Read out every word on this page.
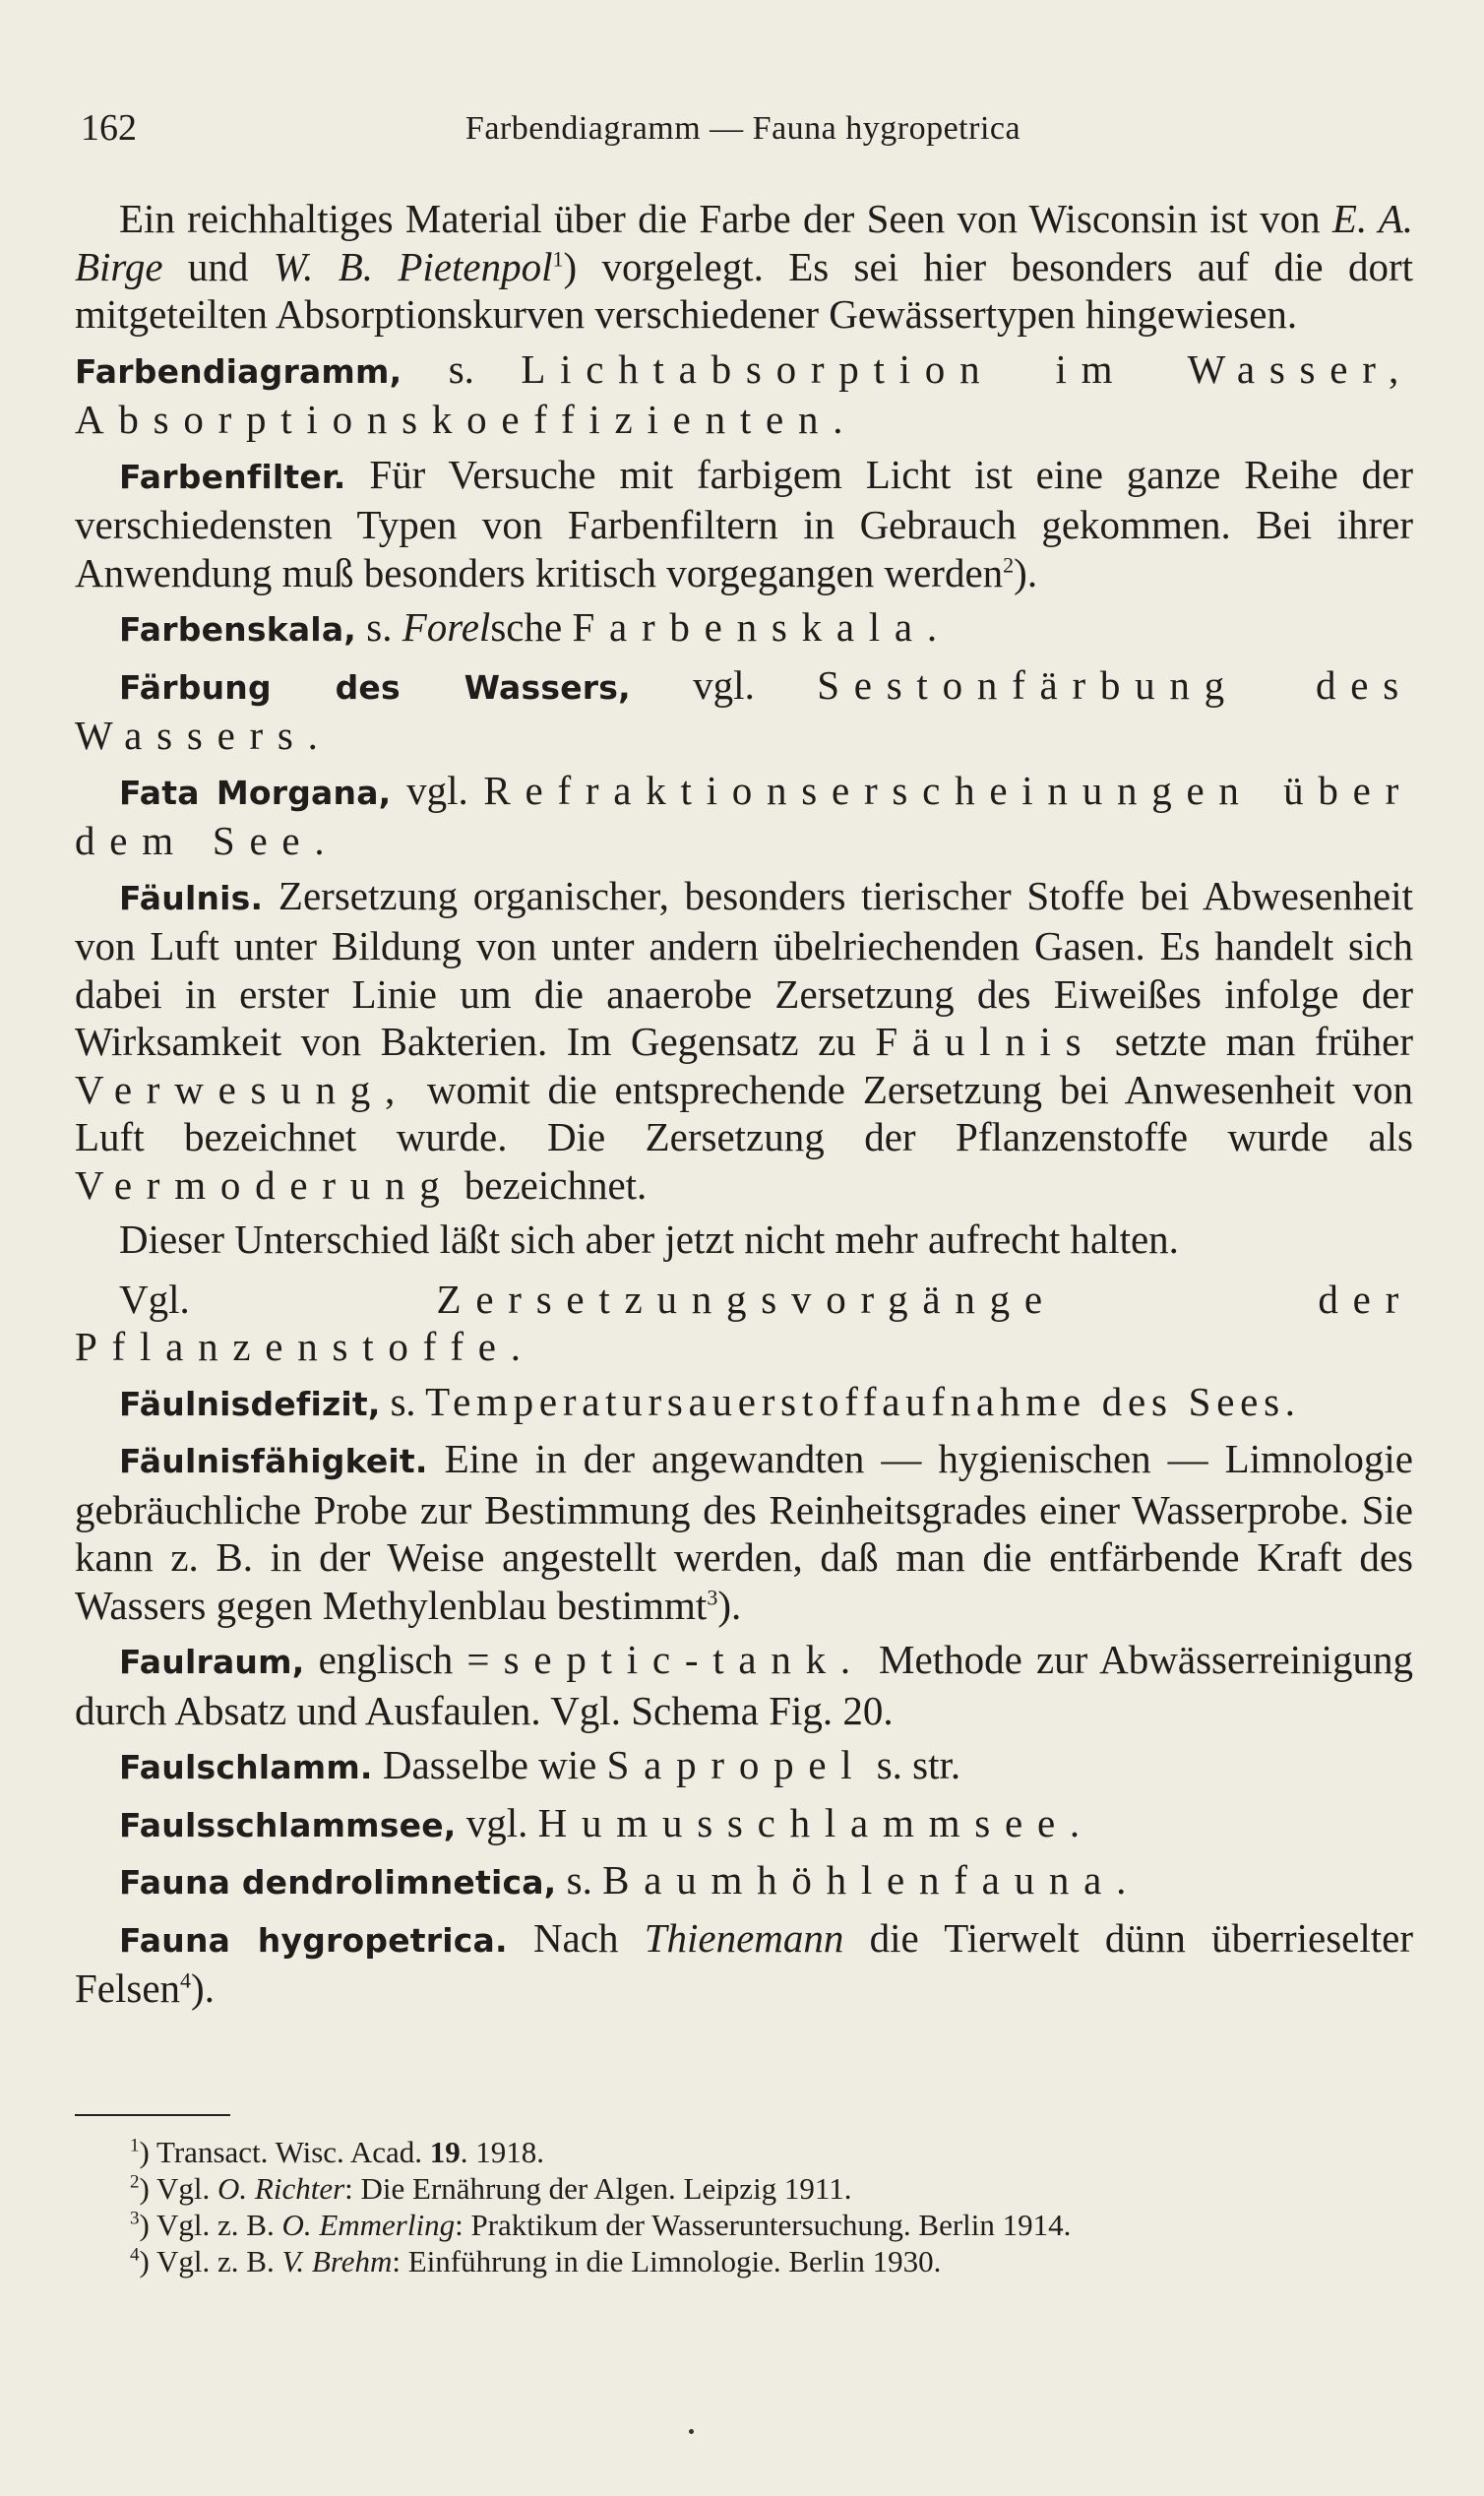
162	Farbendiagramm — Fauna hygropetrica

Ein reichhaltiges Material über die Farbe der Seen von Wisconsin ist von E. A. Birge und W. B. Pietenpol$^1$) vorgelegt. Es sei hier besonders auf die dort mitgeteilten Absorptionskurven verschiedener Gewässertypen hingewiesen.

Farbendiagramm, s. Lichtabsorption im Wasser, Absorptionskoeffizienten.

Farbenfilter. Für Versuche mit farbigem Licht ist eine ganze Reihe der verschiedensten Typen von Farbenfiltern in Gebrauch gekommen. Bei ihrer Anwendung muß besonders kritisch vorgegangen werden$^2$).

Farbenskala, s. Forelsche Farbenskala.

Färbung des Wassers, vgl. Sestonfärbung des Wassers.

Fata Morgana, vgl. Refraktionserscheinungen über dem See.

Fäulnis. Zersetzung organischer, besonders tierischer Stoffe bei Abwesenheit von Luft unter Bildung von unter andern übelriechenden Gasen. Es handelt sich dabei in erster Linie um die anaerobe Zersetzung des Eiweißes infolge der Wirksamkeit von Bakterien. Im Gegensatz zu Fäulnis setzte man früher Verwesung, womit die entsprechende Zersetzung bei Anwesenheit von Luft bezeichnet wurde. Die Zersetzung der Pflanzenstoffe wurde als Vermoderung bezeichnet.

Dieser Unterschied läßt sich aber jetzt nicht mehr aufrecht halten.

Vgl. Zersetzungsvorgänge der Pflanzenstoffe.

Fäulnisdefizit, s. Temperatursauerstoffaufnahme des Sees.

Fäulnisfähigkeit. Eine in der angewandten — hygienischen — Limnologie gebräuchliche Probe zur Bestimmung des Reinheitsgrades einer Wasserprobe. Sie kann z. B. in der Weise angestellt werden, daß man die entfärbende Kraft des Wassers gegen Methylenblau bestimmt$^3$).

Faulraum, englisch = septic-tank. Methode zur Abwässerreinigung durch Absatz und Ausfaulen. Vgl. Schema Fig. 20.

Faulschlamm. Dasselbe wie Sapropel s. str.

Faulsschlammsee, vgl. Humusschlammsee.

Fauna dendrolimnetica, s. Baumhöhlenfauna.

Fauna hygropetrica. Nach Thienemann die Tierwelt dünn überrieselter Felsen$^4$).

$^1$) Transact. Wisc. Acad. 19. 1918.
$^2$) Vgl. O. Richter: Die Ernährung der Algen. Leipzig 1911.
$^3$) Vgl. z. B. O. Emmerling: Praktikum der Wasseruntersuchung. Berlin 1914.
$^4$) Vgl. z. B. V. Brehm: Einführung in die Limnologie. Berlin 1930.
